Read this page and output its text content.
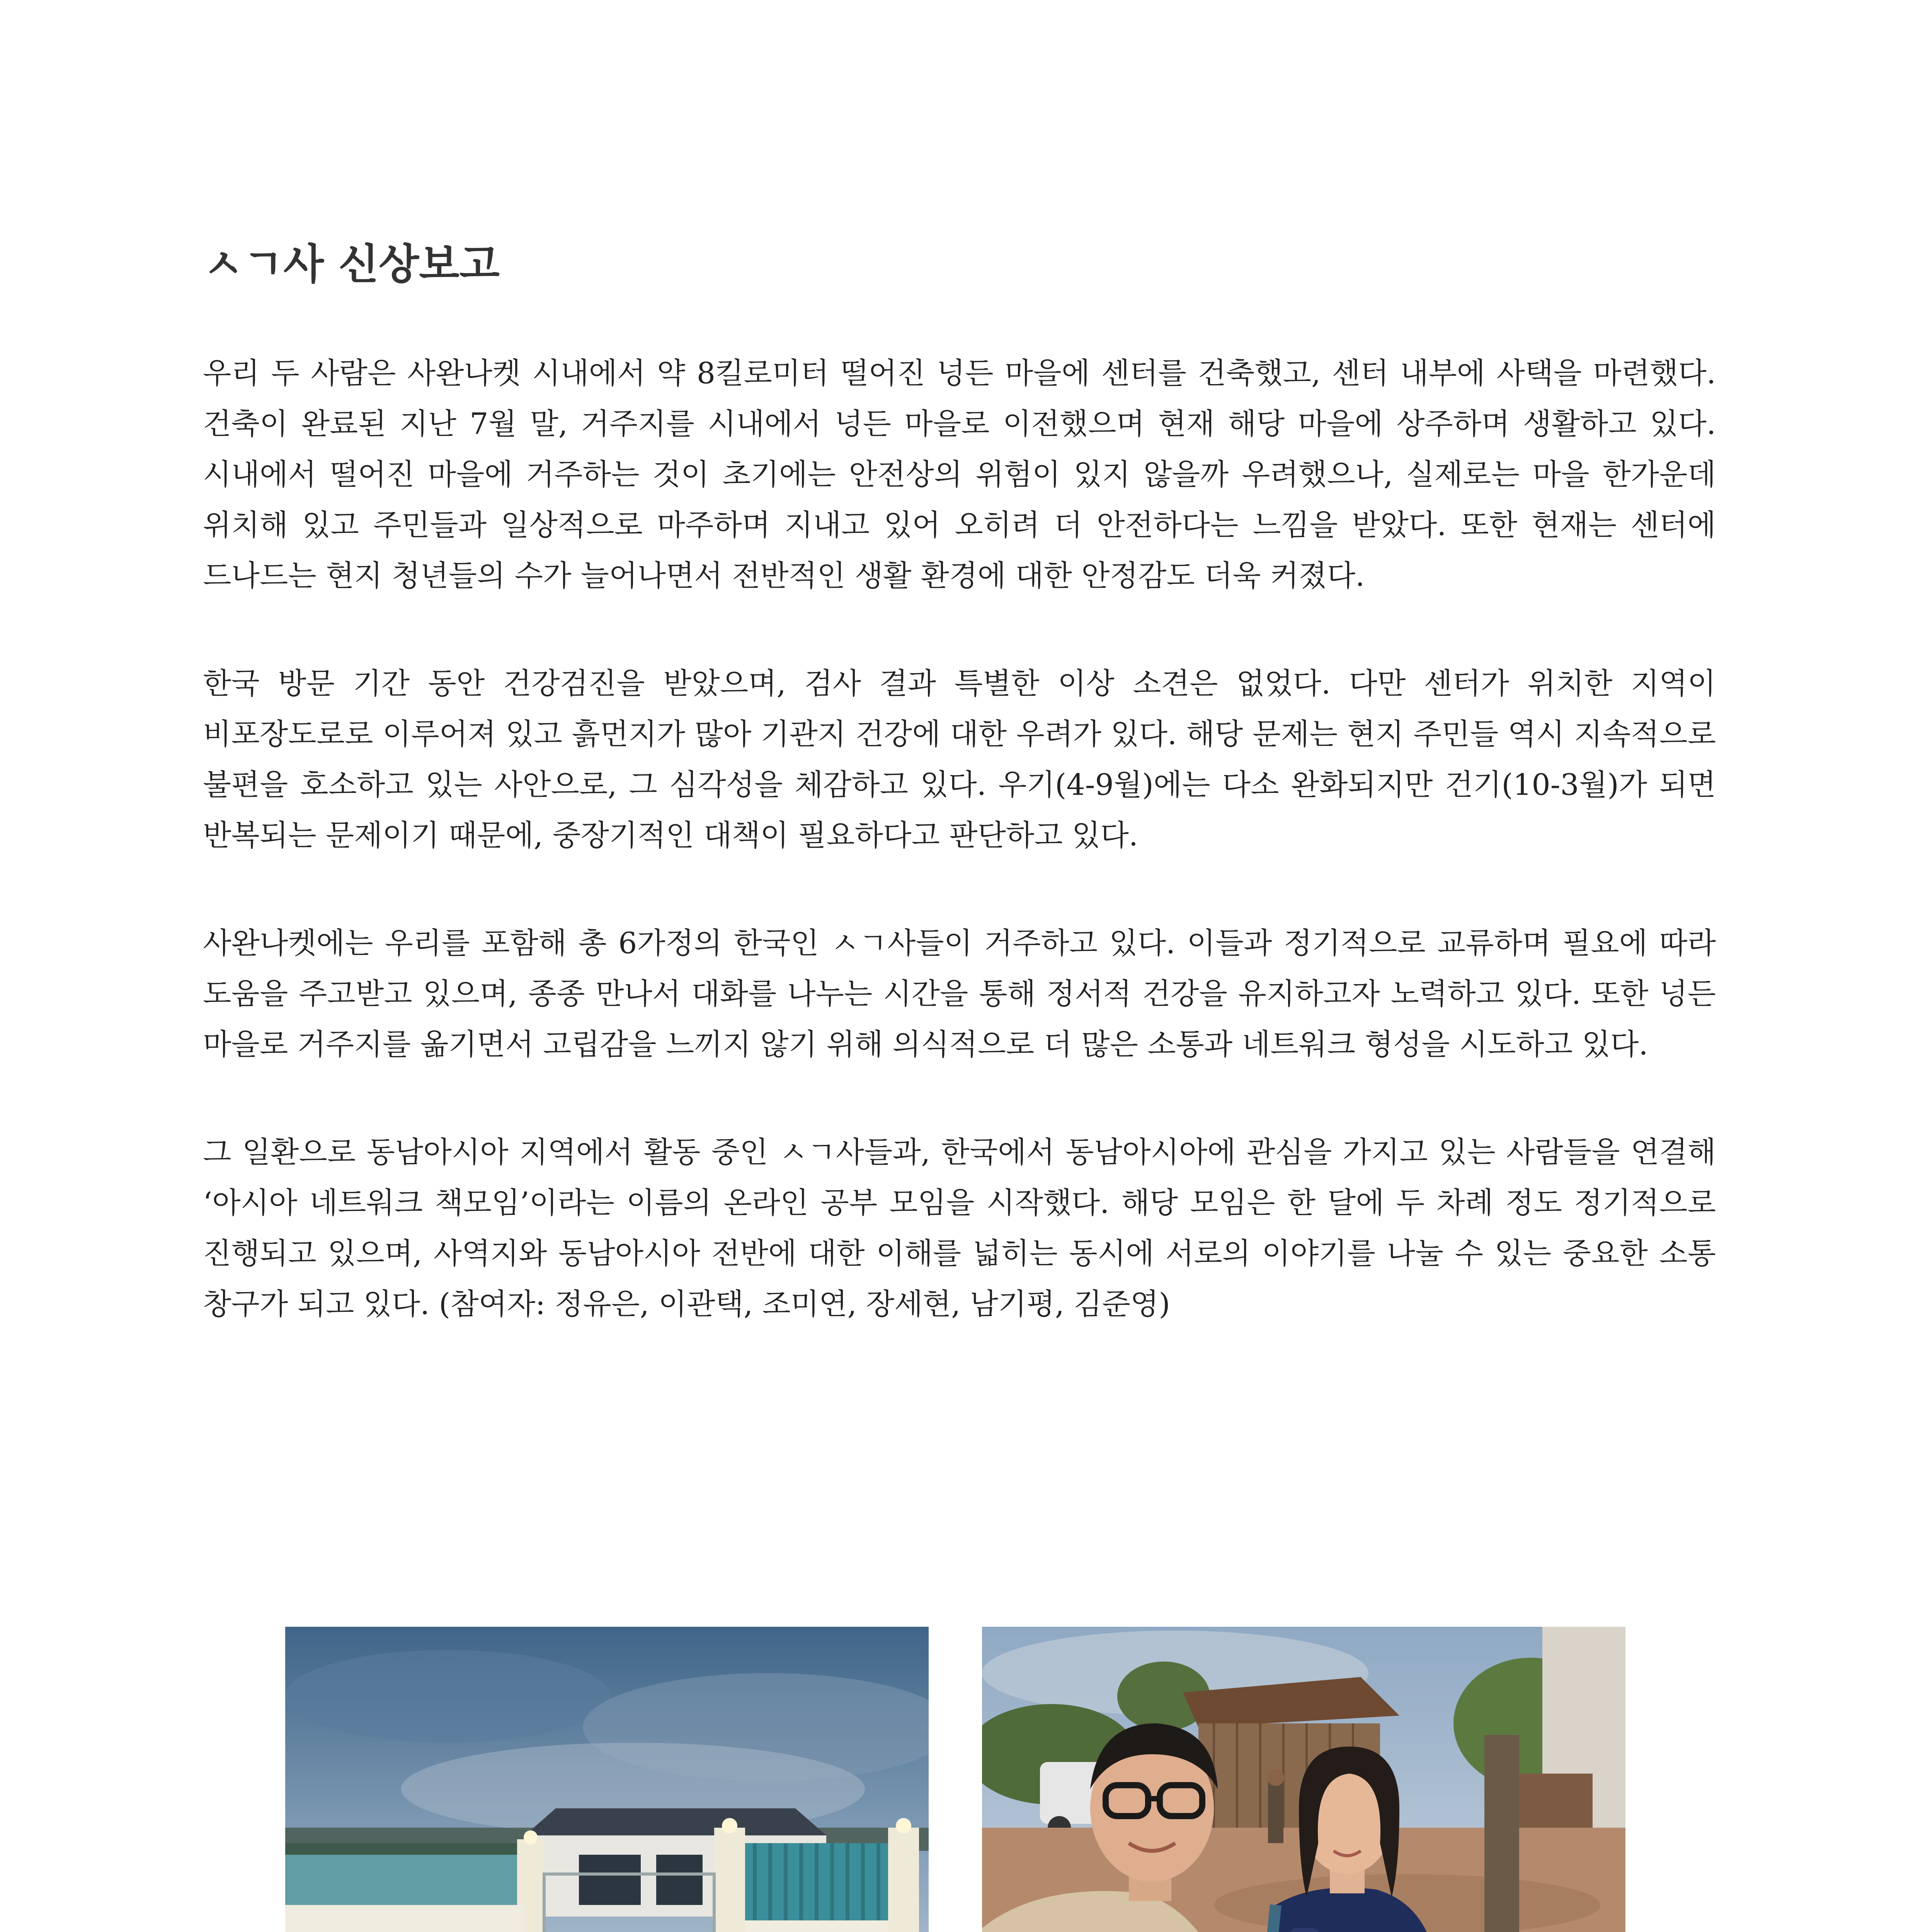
ㅅㄱ사 신상보고

우리 두 사람은 사완나켓 시내에서 약 8킬로미터 떨어진 넝든 마을에 센터를 건축했고, 센터 내부에 사택을 마련했다. 건축이 완료된 지난 7월 말, 거주지를 시내에서 넝든 마을로 이전했으며 현재 해당 마을에 상주하며 생활하고 있다. 시내에서 떨어진 마을에 거주하는 것이 초기에는 안전상의 위험이 있지 않을까 우려했으나, 실제로는 마을 한가운데 위치해 있고 주민들과 일상적으로 마주하며 지내고 있어 오히려 더 안전하다는 느낌을 받았다. 또한 현재는 센터에 드나드는 현지 청년들의 수가 늘어나면서 전반적인 생활 환경에 대한 안정감도 더욱 커졌다.

한국 방문 기간 동안 건강검진을 받았으며, 검사 결과 특별한 이상 소견은 없었다. 다만 센터가 위치한 지역이 비포장도로로 이루어져 있고 흙먼지가 많아 기관지 건강에 대한 우려가 있다. 해당 문제는 현지 주민들 역시 지속적으로 불편을 호소하고 있는 사안으로, 그 심각성을 체감하고 있다. 우기(4-9월)에는 다소 완화되지만 건기(10-3월)가 되면 반복되는 문제이기 때문에, 중장기적인 대책이 필요하다고 판단하고 있다.

사완나켓에는 우리를 포함해 총 6가정의 한국인 ㅅㄱ사들이 거주하고 있다. 이들과 정기적으로 교류하며 필요에 따라 도움을 주고받고 있으며, 종종 만나서 대화를 나누는 시간을 통해 정서적 건강을 유지하고자 노력하고 있다. 또한 넝든 마을로 거주지를 옮기면서 고립감을 느끼지 않기 위해 의식적으로 더 많은 소통과 네트워크 형성을 시도하고 있다.

그 일환으로 동남아시아 지역에서 활동 중인 ㅅㄱ사들과, 한국에서 동남아시아에 관심을 가지고 있는 사람들을 연결해 ‘아시아 네트워크 책모임’이라는 이름의 온라인 공부 모임을 시작했다. 해당 모임은 한 달에 두 차례 정도 정기적으로 진행되고 있으며, 사역지와 동남아시아 전반에 대한 이해를 넓히는 동시에 서로의 이야기를 나눌 수 있는 중요한 소통 창구가 되고 있다. (참여자: 정유은, 이관택, 조미연, 장세현, 남기평, 김준영)
